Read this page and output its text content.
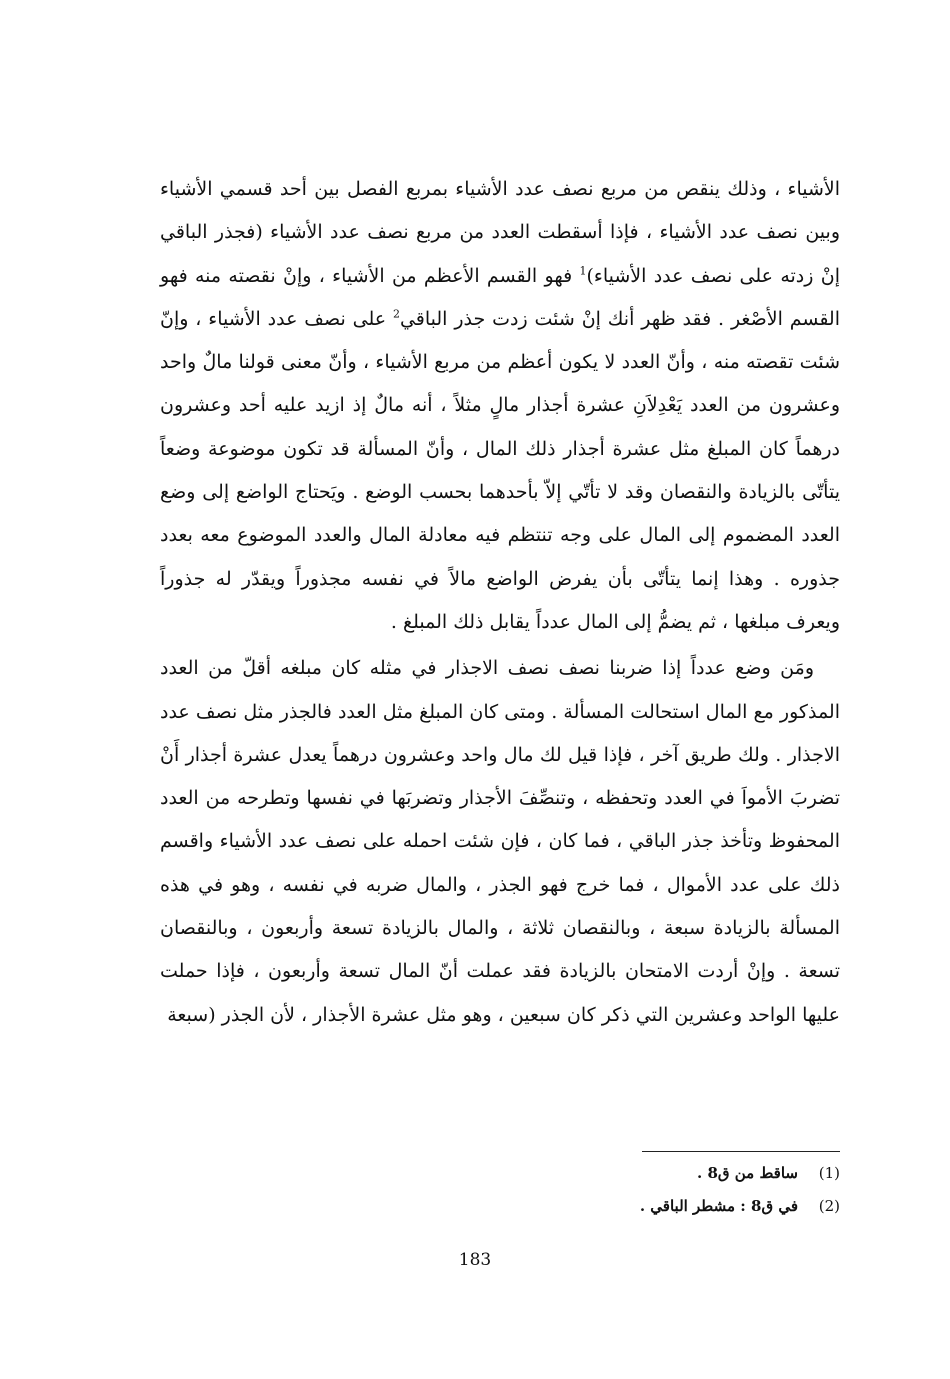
الأشياء ، وذلك ينقص من مربع نصف عدد الأشياء بمربع الفصل بين أحد قسمي الأشياء وبين نصف عدد الأشياء ، فإذا أسقطت العدد من مربع نصف عدد الأشياء (فجذر الباقي إنْ زدته على نصف عدد الأشياء)$^1$ فهو القسم الأعظم من الأشياء ، وإنْ نقصته منه فهو القسم الأصْغر . فقد ظهر أنك إنْ شئت زدت جذر الباقي$^2$ على نصف عدد الأشياء ، وإنّ شئت تقصته منه ، وأنّ العدد لا يكون أعظم من مربع الأشياء ، وأنّ معنى قولنا مالٌ واحد وعشرون من العدد يَعْدِلاَنِ عشرة أجذار مالٍ مثلاً ، أنه مالٌ إذ ازيد عليه أحد وعشرون درهماً كان المبلغ مثل عشرة أجذار ذلك المال ، وأنّ المسألة قد تكون موضوعة وضعاً يتأتّى بالزيادة والنقصان وقد لا تأتّي إلاّ بأحدهما بحسب الوضع . ويَحتاج الواضع إلى وضع العدد المضموم إلى المال على وجه تنتظم فيه معادلة المال والعدد الموضوع معه بعدد جذوره . وهذا إنما يتأتّى بأن يفرض الواضع مالاً في نفسه مجذوراً ويقدّر له جذوراً ويعرف مبلغها ، ثم يضمُّ إلى المال عدداً يقابل ذلك المبلغ .

ومَن وضع عدداً إذا ضربنا نصف نصف الاجذار في مثله كان مبلغه أقلّ من العدد المذكور مع المال استحالت المسألة . ومتى كان المبلغ مثل العدد فالجذر مثل نصف عدد الاجذار . ولك طريق آخر ، فإذا قيل لك مال واحد وعشرون درهماً يعدل عشرة أجذار أَنْ تضربَ الأمواَ في العدد وتحفظه ، وتنصِّفَ الأجذار وتضربَها في نفسها وتطرحه من العدد المحفوظ وتأخذ جذر الباقي ، فما كان ، فإن شئت احمله على نصف عدد الأشياء واقسم ذلك على عدد الأموال ، فما خرج فهو الجذر ، والمال ضربه في نفسه ، وهو في هذه المسألة بالزيادة سبعة ، وبالنقصان ثلاثة ، والمال بالزيادة تسعة وأربعون ، وبالنقصان تسعة . وإنْ أردت الامتحان بالزيادة فقد عملت أنّ المال تسعة وأربعون ، فإذا حملت عليها الواحد وعشرين التي ذكر كان سبعين ، وهو مثل عشرة الأجذار ، لأن الجذر (سبعة

(1)ساقط من ق8 .
(2)في ق8 : مشطر الباقي .
183
